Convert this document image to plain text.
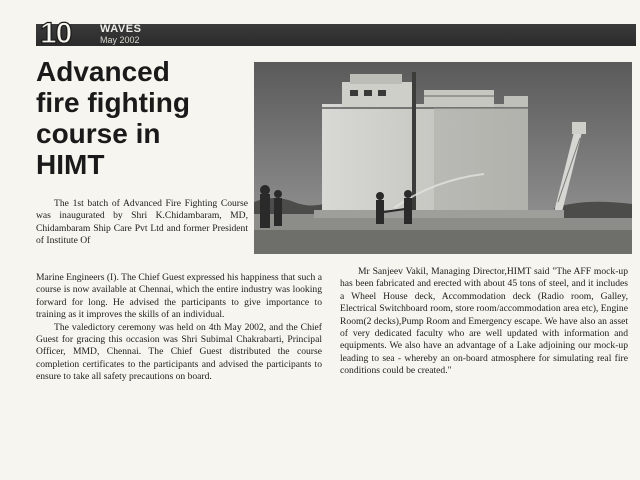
10	WAVES
May 2002
Advanced
fire fighting
course in
HIMT

The 1st batch of Advanced Fire Fighting Course was inaugurated by Shri K.Chidambaram, MD, Chidambaram Ship Care Pvt Ltd and former President of Institute Of

Marine Engineers (I). The Chief Guest expressed his happiness that such a course is now available at Chennai, which the entire industry was looking forward for long. He advised the participants to give importance to training as it improves the skills of an individual.

The valedictory ceremony was held on 4th May 2002, and the Chief Guest for gracing this occasion was Shri Subimal Chakrabarti, Principal Officer, MMD, Chennai. The Chief Guest distributed the course completion certificates to the participants and advised the participants to ensure to take all safety precautions on board.

Mr Sanjeev Vakil, Managing Director,HIMT said "The AFF mock-up has been fabricated and erected with about 45 tons of steel, and it includes a Wheel House deck, Accommodation deck (Radio room, Galley, Electrical Switchboard room, store room/accommodation area etc), Engine Room(2 decks),Pump Room and Emergency escape. We have also an asset of very dedicated faculty who are well updated with information and equipments. We also have an advantage of a Lake adjoining our mock-up leading to sea - whereby an on-board atmosphere for simulating real fire conditions could be created."
